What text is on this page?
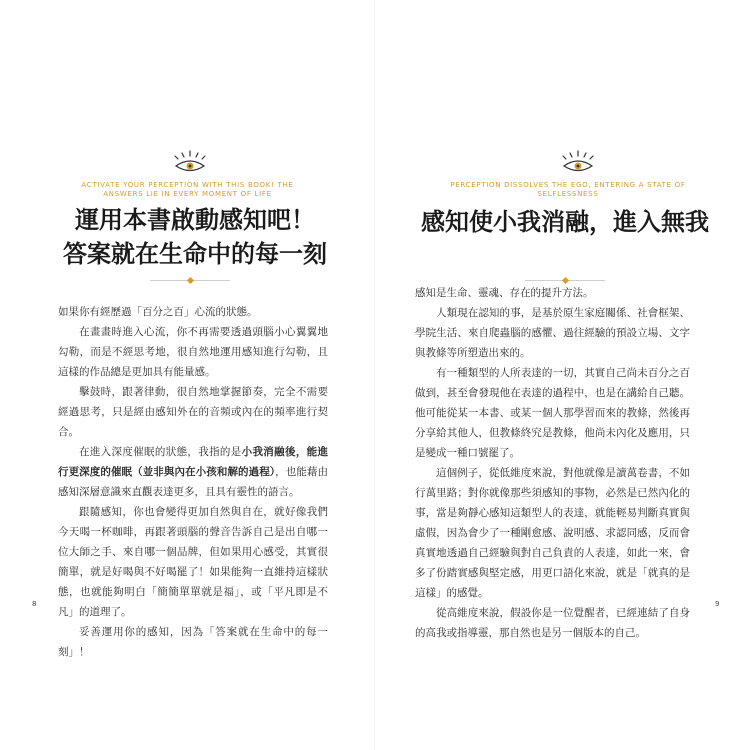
ACTIVATE YOUR PERCEPTION WITH THIS BOOK! THE ANSWERS LIE IN EVERY MOMENT OF LIFE
運用本書啟動感知吧！
答案就在生命中的每一刻

如果你有經歷過「百分之百」心流的狀態。

在畫畫時進入心流，你不再需要透過頭腦小心翼翼地勾勒，而是不經思考地，很自然地運用感知進行勾勒，且這樣的作品總是更加具有能量感。

擊鼓時，跟著律動，很自然地掌握節奏，完全不需要經過思考，只是經由感知外在的音頻或內在的頻率進行契合。

在進入深度催眠的狀態，我指的是小我消融後，能進行更深度的催眠（並非與內在小孩和解的過程），也能藉由感知深層意識來直觀表達更多，且具有靈性的語言。

跟隨感知，你也會變得更加自然與自在，就好像我們今天喝一杯咖啡，再跟著頭腦的聲音告訴自己是出自哪一位大師之手、來自哪一個品牌，但如果用心感受，其實很簡單，就是好喝與不好喝罷了！如果能夠一直維持這樣狀態，也就能夠明白「簡簡單單就是福」，或「平凡即是不凡」的道理了。

妥善運用你的感知，因為「答案就在生命中的每一刻」！

8
PERCEPTION DISSOLVES THE EGO, ENTERING A STATE OF SELFLESSNESS
感知使小我消融，進入無我

感知是生命、靈魂、存在的提升方法。

人類現在認知的事，是基於原生家庭關係、社會框架、學院生活、來自爬蟲腦的感懼、過往經驗的預設立場、文字與教條等所塑造出來的。

有一種類型的人所表達的一切，其實自己尚未百分之百做到，甚至會發現他在表達的過程中，也是在講給自己聽。他可能從某一本書、或某一個人那學習而來的教條，然後再分享給其他人，但教條終究是教條，他尚未內化及應用，只是變成一種口號罷了。

這個例子，從低維度來說，對他就像是讀萬卷書，不如行萬里路；對你就像那些須感知的事物，必然是已然內化的事，當是夠靜心感知這類型人的表達，就能輕易判斷真實與虛假，因為會少了一種剛愈感、說明感、求認同感，反而會真實地透過自己經驗與對自己負責的人表達，如此一來，會多了份踏實感與堅定感，用更口語化來說，就是「就真的是這樣」的感覺。

從高維度來說，假設你是一位覺醒者，已經連結了自身的高我或指導靈，那自然也是另一個版本的自己。

9
